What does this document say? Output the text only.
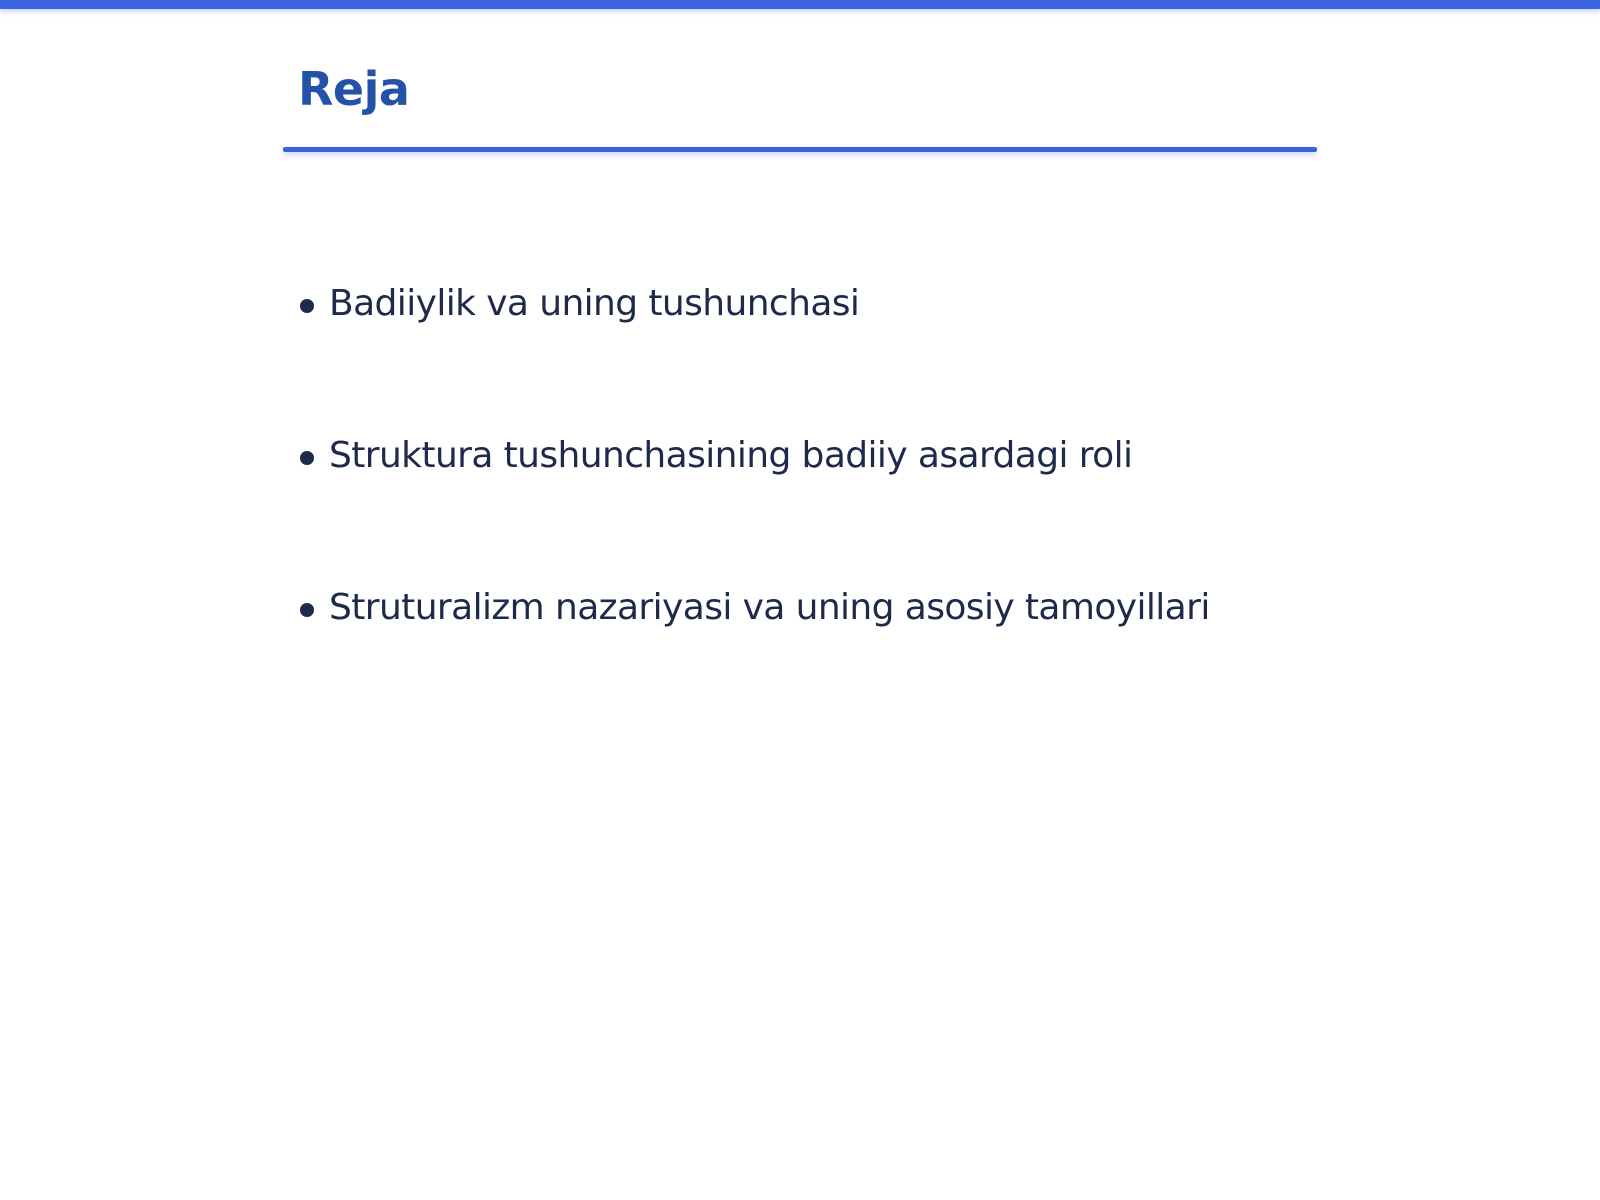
Reja
Badiiylik va uning tushunchasi
Struktura tushunchasining badiiy asardagi roli
Struturalizm nazariyasi va uning asosiy tamoyillari
